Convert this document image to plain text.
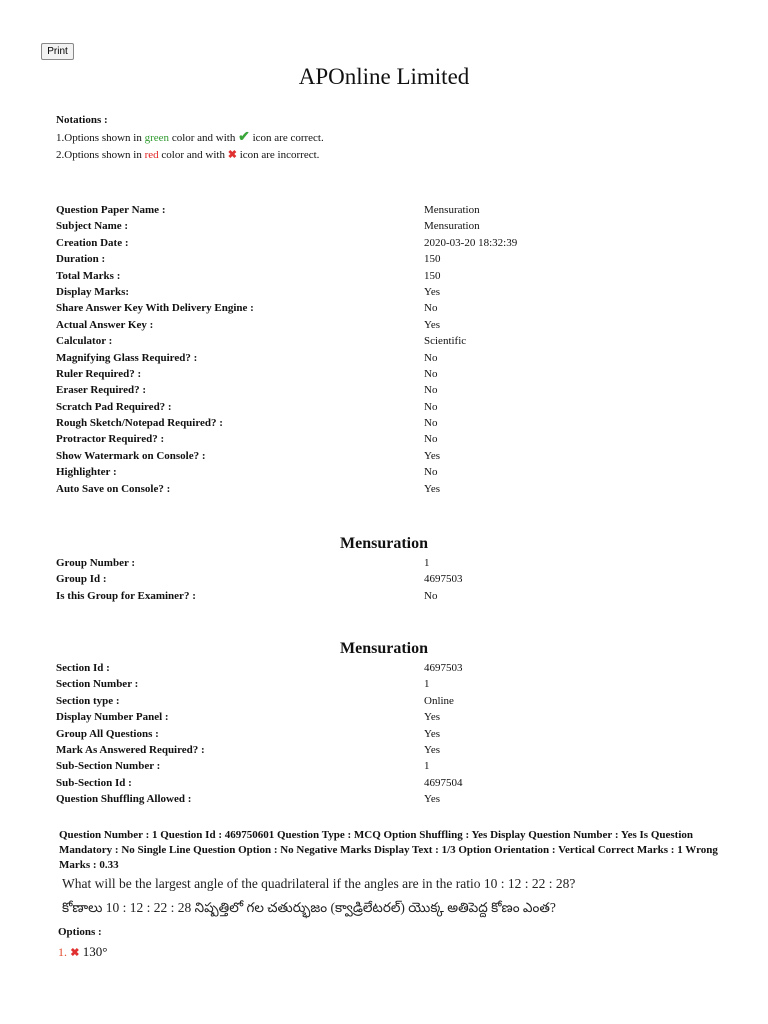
Print
APOnline Limited
Notations :
1.Options shown in green color and with ✔ icon are correct.
2.Options shown in red color and with ✖ icon are incorrect.
Question Paper Name :	Mensuration
Subject Name :	Mensuration
Creation Date :	2020-03-20 18:32:39
Duration :	150
Total Marks :	150
Display Marks:	Yes
Share Answer Key With Delivery Engine :	No
Actual Answer Key :	Yes
Calculator :	Scientific
Magnifying Glass Required? :	No
Ruler Required? :	No
Eraser Required? :	No
Scratch Pad Required? :	No
Rough Sketch/Notepad Required? :	No
Protractor Required? :	No
Show Watermark on Console? :	Yes
Highlighter :	No
Auto Save on Console? :	Yes
Mensuration
Group Number :	1
Group Id :	4697503
Is this Group for Examiner? :	No
Mensuration
Section Id :	4697503
Section Number :	1
Section type :	Online
Display Number Panel :	Yes
Group All Questions :	Yes
Mark As Answered Required? :	Yes
Sub-Section Number :	1
Sub-Section Id :	4697504
Question Shuffling Allowed :	Yes
Question Number : 1 Question Id : 469750601 Question Type : MCQ Option Shuffling : Yes Display Question Number : Yes Is Question Mandatory : No Single Line Question Option : No Negative Marks Display Text : 1/3 Option Orientation : Vertical Correct Marks : 1 Wrong Marks : 0.33
What will be the largest angle of the quadrilateral if the angles are in the ratio 10 : 12 : 22 : 28?
కోణాలు 10 : 12 : 22 : 28 నిష్పత్తిలో గల చతుర్భుజం (క్వాడ్రిలేటరల్) యొక్క అతిపెద్ద కోణం ఎంత?
Options :
1. ✖ 130°
